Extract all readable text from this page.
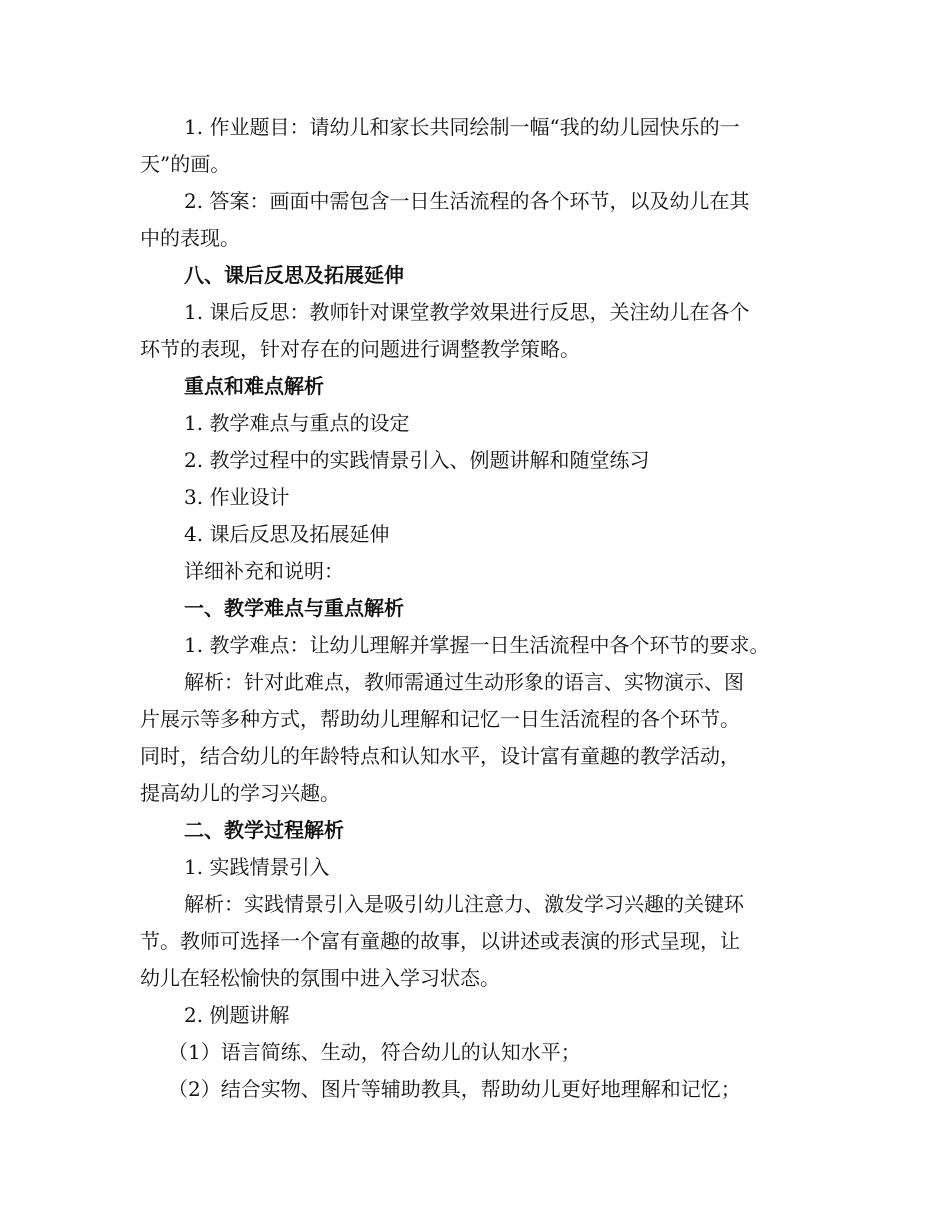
1. 作业题目：请幼儿和家长共同绘制一幅“我的幼儿园快乐的一
天”的画。
2. 答案：画面中需包含一日生活流程的各个环节，以及幼儿在其
中的表现。
八、课后反思及拓展延伸
1. 课后反思：教师针对课堂教学效果进行反思，关注幼儿在各个
环节的表现，针对存在的问题进行调整教学策略。
重点和难点解析
1. 教学难点与重点的设定
2. 教学过程中的实践情景引入、例题讲解和随堂练习
3. 作业设计
4. 课后反思及拓展延伸
详细补充和说明：
一、教学难点与重点解析
1. 教学难点：让幼儿理解并掌握一日生活流程中各个环节的要求。
解析：针对此难点，教师需通过生动形象的语言、实物演示、图
片展示等多种方式，帮助幼儿理解和记忆一日生活流程的各个环节。
同时，结合幼儿的年龄特点和认知水平，设计富有童趣的教学活动，
提高幼儿的学习兴趣。
二、教学过程解析
1. 实践情景引入
解析：实践情景引入是吸引幼儿注意力、激发学习兴趣的关键环
节。教师可选择一个富有童趣的故事，以讲述或表演的形式呈现，让
幼儿在轻松愉快的氛围中进入学习状态。
2. 例题讲解
（1）语言简练、生动，符合幼儿的认知水平；
（2）结合实物、图片等辅助教具，帮助幼儿更好地理解和记忆；
